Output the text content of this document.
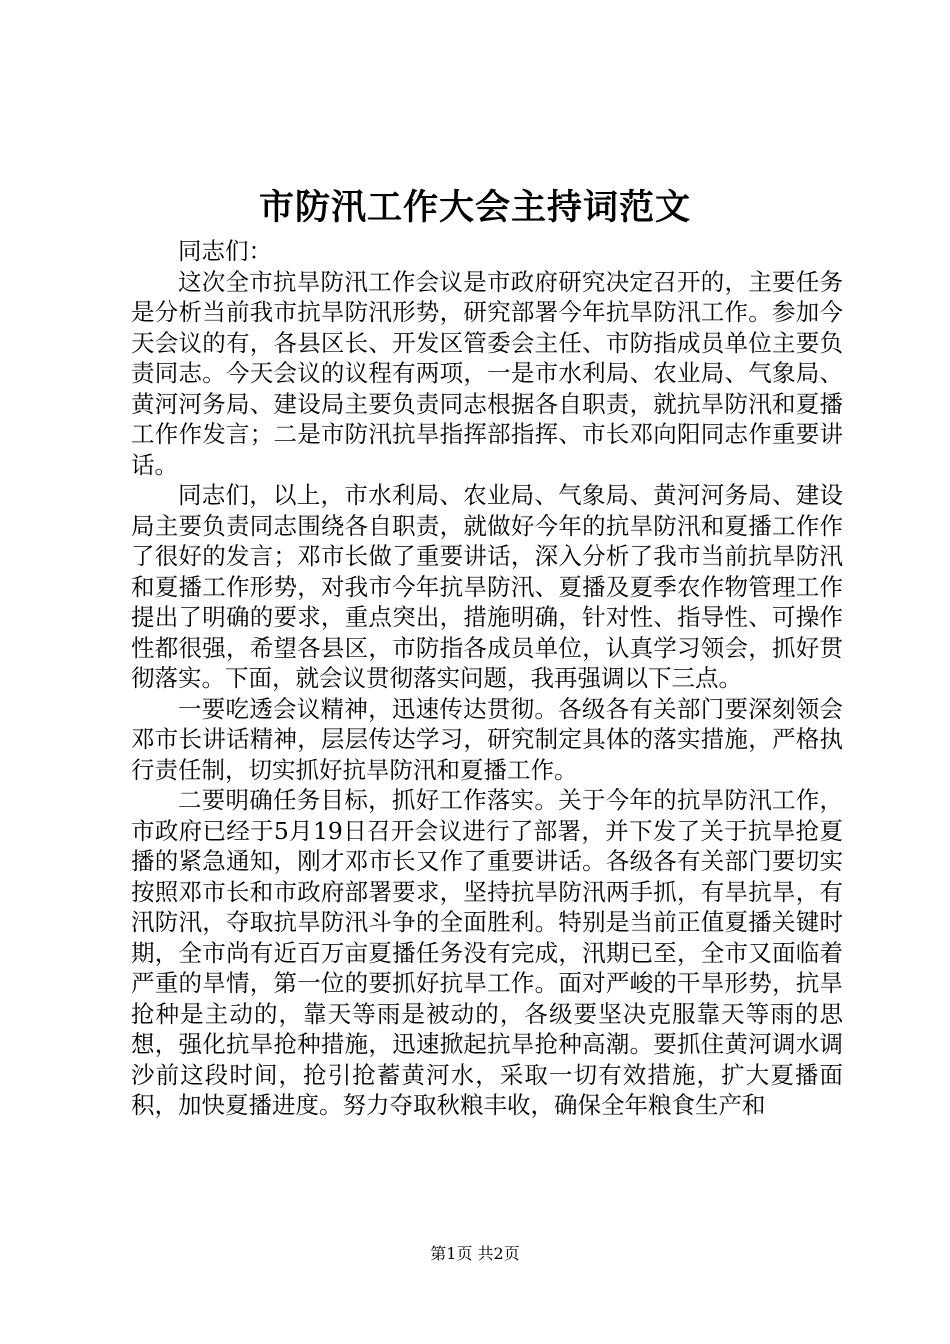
市防汛工作大会主持词范文

同志们：

这次全市抗旱防汛工作会议是市政府研究决定召开的，主要任务是分析当前我市抗旱防汛形势，研究部署今年抗旱防汛工作。参加今天会议的有，各县区长、开发区管委会主任、市防指成员单位主要负责同志。今天会议的议程有两项，一是市水利局、农业局、气象局、黄河河务局、建设局主要负责同志根据各自职责，就抗旱防汛和夏播工作作发言；二是市防汛抗旱指挥部指挥、市长邓向阳同志作重要讲话。

同志们，以上，市水利局、农业局、气象局、黄河河务局、建设局主要负责同志围绕各自职责，就做好今年的抗旱防汛和夏播工作作了很好的发言；邓市长做了重要讲话，深入分析了我市当前抗旱防汛和夏播工作形势，对我市今年抗旱防汛、夏播及夏季农作物管理工作提出了明确的要求，重点突出，措施明确，针对性、指导性、可操作性都很强，希望各县区，市防指各成员单位，认真学习领会，抓好贯彻落实。下面，就会议贯彻落实问题，我再强调以下三点。

一要吃透会议精神，迅速传达贯彻。各级各有关部门要深刻领会邓市长讲话精神，层层传达学习，研究制定具体的落实措施，严格执行责任制，切实抓好抗旱防汛和夏播工作。

二要明确任务目标，抓好工作落实。关于今年的抗旱防汛工作，市政府已经于5月19日召开会议进行了部署，并下发了关于抗旱抢夏播的紧急通知，刚才邓市长又作了重要讲话。各级各有关部门要切实按照邓市长和市政府部署要求，坚持抗旱防汛两手抓，有旱抗旱，有汛防汛，夺取抗旱防汛斗争的全面胜利。特别是当前正值夏播关键时期，全市尚有近百万亩夏播任务没有完成，汛期已至，全市又面临着严重的旱情，第一位的要抓好抗旱工作。面对严峻的干旱形势，抗旱抢种是主动的，靠天等雨是被动的，各级要坚决克服靠天等雨的思想，强化抗旱抢种措施，迅速掀起抗旱抢种高潮。要抓住黄河调水调沙前这段时间，抢引抢蓄黄河水，采取一切有效措施，扩大夏播面积，加快夏播进度。努力夺取秋粮丰收，确保全年粮食生产和

第1页 共2页
